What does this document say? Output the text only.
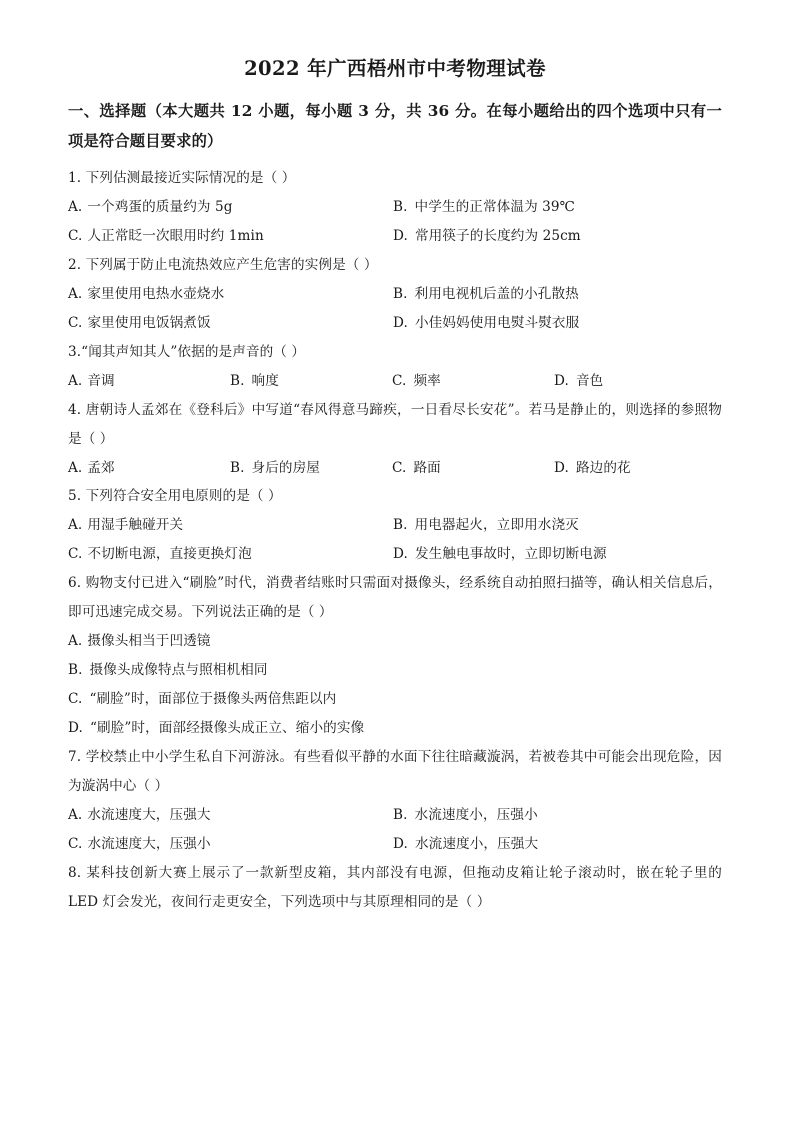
2022 年广西梧州市中考物理试卷
一、选择题（本大题共 12 小题，每小题 3 分，共 36 分。在每小题给出的四个选项中只有一项是符合题目要求的）
1. 下列估测最接近实际情况的是（ ）
A. 一个鸡蛋的质量约为 5g	B. 中学生的正常体温为 39℃
C. 人正常眨一次眼用时约 1min	D. 常用筷子的长度约为 25cm
2. 下列属于防止电流热效应产生危害的实例是（ ）
A. 家里使用电热水壶烧水	B. 利用电视机后盖的小孔散热
C. 家里使用电饭锅煮饭	D. 小佳妈妈使用电熨斗熨衣服
3.“闻其声知其人”依据的是声音的（ ）
A. 音调	B. 响度	C. 频率	D. 音色
4. 唐朝诗人孟郊在《登科后》中写道“春风得意马蹄疾，一日看尽长安花”。若马是静止的，则选择的参照物是（ ）
A. 孟郊	B. 身后的房屋	C. 路面	D. 路边的花
5. 下列符合安全用电原则的是（ ）
A. 用湿手触碰开关	B. 用电器起火，立即用水浇灭
C. 不切断电源，直接更换灯泡	D. 发生触电事故时，立即切断电源
6. 购物支付已进入“刷脸”时代，消费者结账时只需面对摄像头，经系统自动拍照扫描等，确认相关信息后，即可迅速完成交易。下列说法正确的是（ ）
A. 摄像头相当于凹透镜
B. 摄像头成像特点与照相机相同
C. “刷脸”时，面部位于摄像头两倍焦距以内
D. “刷脸”时，面部经摄像头成正立、缩小的实像
7. 学校禁止中小学生私自下河游泳。有些看似平静的水面下往往暗藏漩涡，若被卷其中可能会出现危险，因为漩涡中心（ ）
A. 水流速度大，压强大	B. 水流速度小，压强小
C. 水流速度大，压强小	D. 水流速度小，压强大
8. 某科技创新大赛上展示了一款新型皮箱，其内部没有电源，但拖动皮箱让轮子滚动时，嵌在轮子里的 LED 灯会发光，夜间行走更安全，下列选项中与其原理相同的是（ ）
